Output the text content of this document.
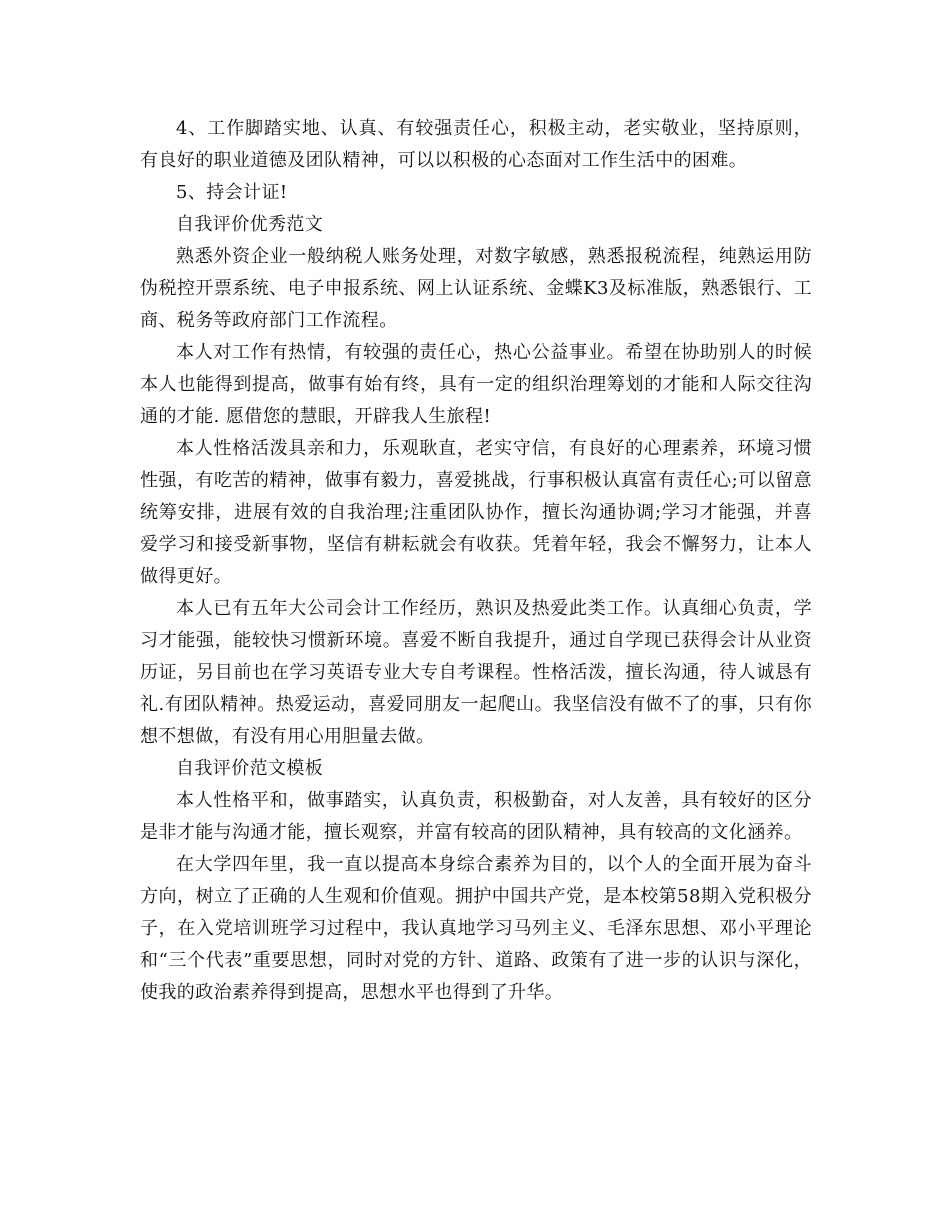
4、工作脚踏实地、认真、有较强责任心，积极主动，老实敬业，坚持原则，有良好的职业道德及团队精神，可以以积极的心态面对工作生活中的困难。

5、持会计证!

自我评价优秀范文

熟悉外资企业一般纳税人账务处理，对数字敏感，熟悉报税流程，纯熟运用防伪税控开票系统、电子申报系统、网上认证系统、金蝶K3及标准版，熟悉银行、工商、税务等政府部门工作流程。

本人对工作有热情，有较强的责任心，热心公益事业。希望在协助别人的时候本人也能得到提高，做事有始有终，具有一定的组织治理筹划的才能和人际交往沟通的才能. 愿借您的慧眼，开辟我人生旅程!

本人性格活泼具亲和力，乐观耿直，老实守信，有良好的心理素养，环境习惯性强，有吃苦的精神，做事有毅力，喜爱挑战，行事积极认真富有责任心;可以留意统筹安排，进展有效的自我治理;注重团队协作，擅长沟通协调;学习才能强，并喜爱学习和接受新事物，坚信有耕耘就会有收获。凭着年轻，我会不懈努力，让本人做得更好。

本人已有五年大公司会计工作经历，熟识及热爱此类工作。认真细心负责，学习才能强，能较快习惯新环境。喜爱不断自我提升，通过自学现已获得会计从业资历证，另目前也在学习英语专业大专自考课程。性格活泼，擅长沟通，待人诚恳有礼.有团队精神。热爱运动，喜爱同朋友一起爬山。我坚信没有做不了的事，只有你想不想做，有没有用心用胆量去做。

自我评价范文模板

本人性格平和，做事踏实，认真负责，积极勤奋，对人友善，具有较好的区分是非才能与沟通才能，擅长观察，并富有较高的团队精神，具有较高的文化涵养。

在大学四年里，我一直以提高本身综合素养为目的，以个人的全面开展为奋斗方向，树立了正确的人生观和价值观。拥护中国共产党，是本校第58期入党积极分子，在入党培训班学习过程中，我认真地学习马列主义、毛泽东思想、邓小平理论和“三个代表”重要思想，同时对党的方针、道路、政策有了进一步的认识与深化，使我的政治素养得到提高，思想水平也得到了升华。
